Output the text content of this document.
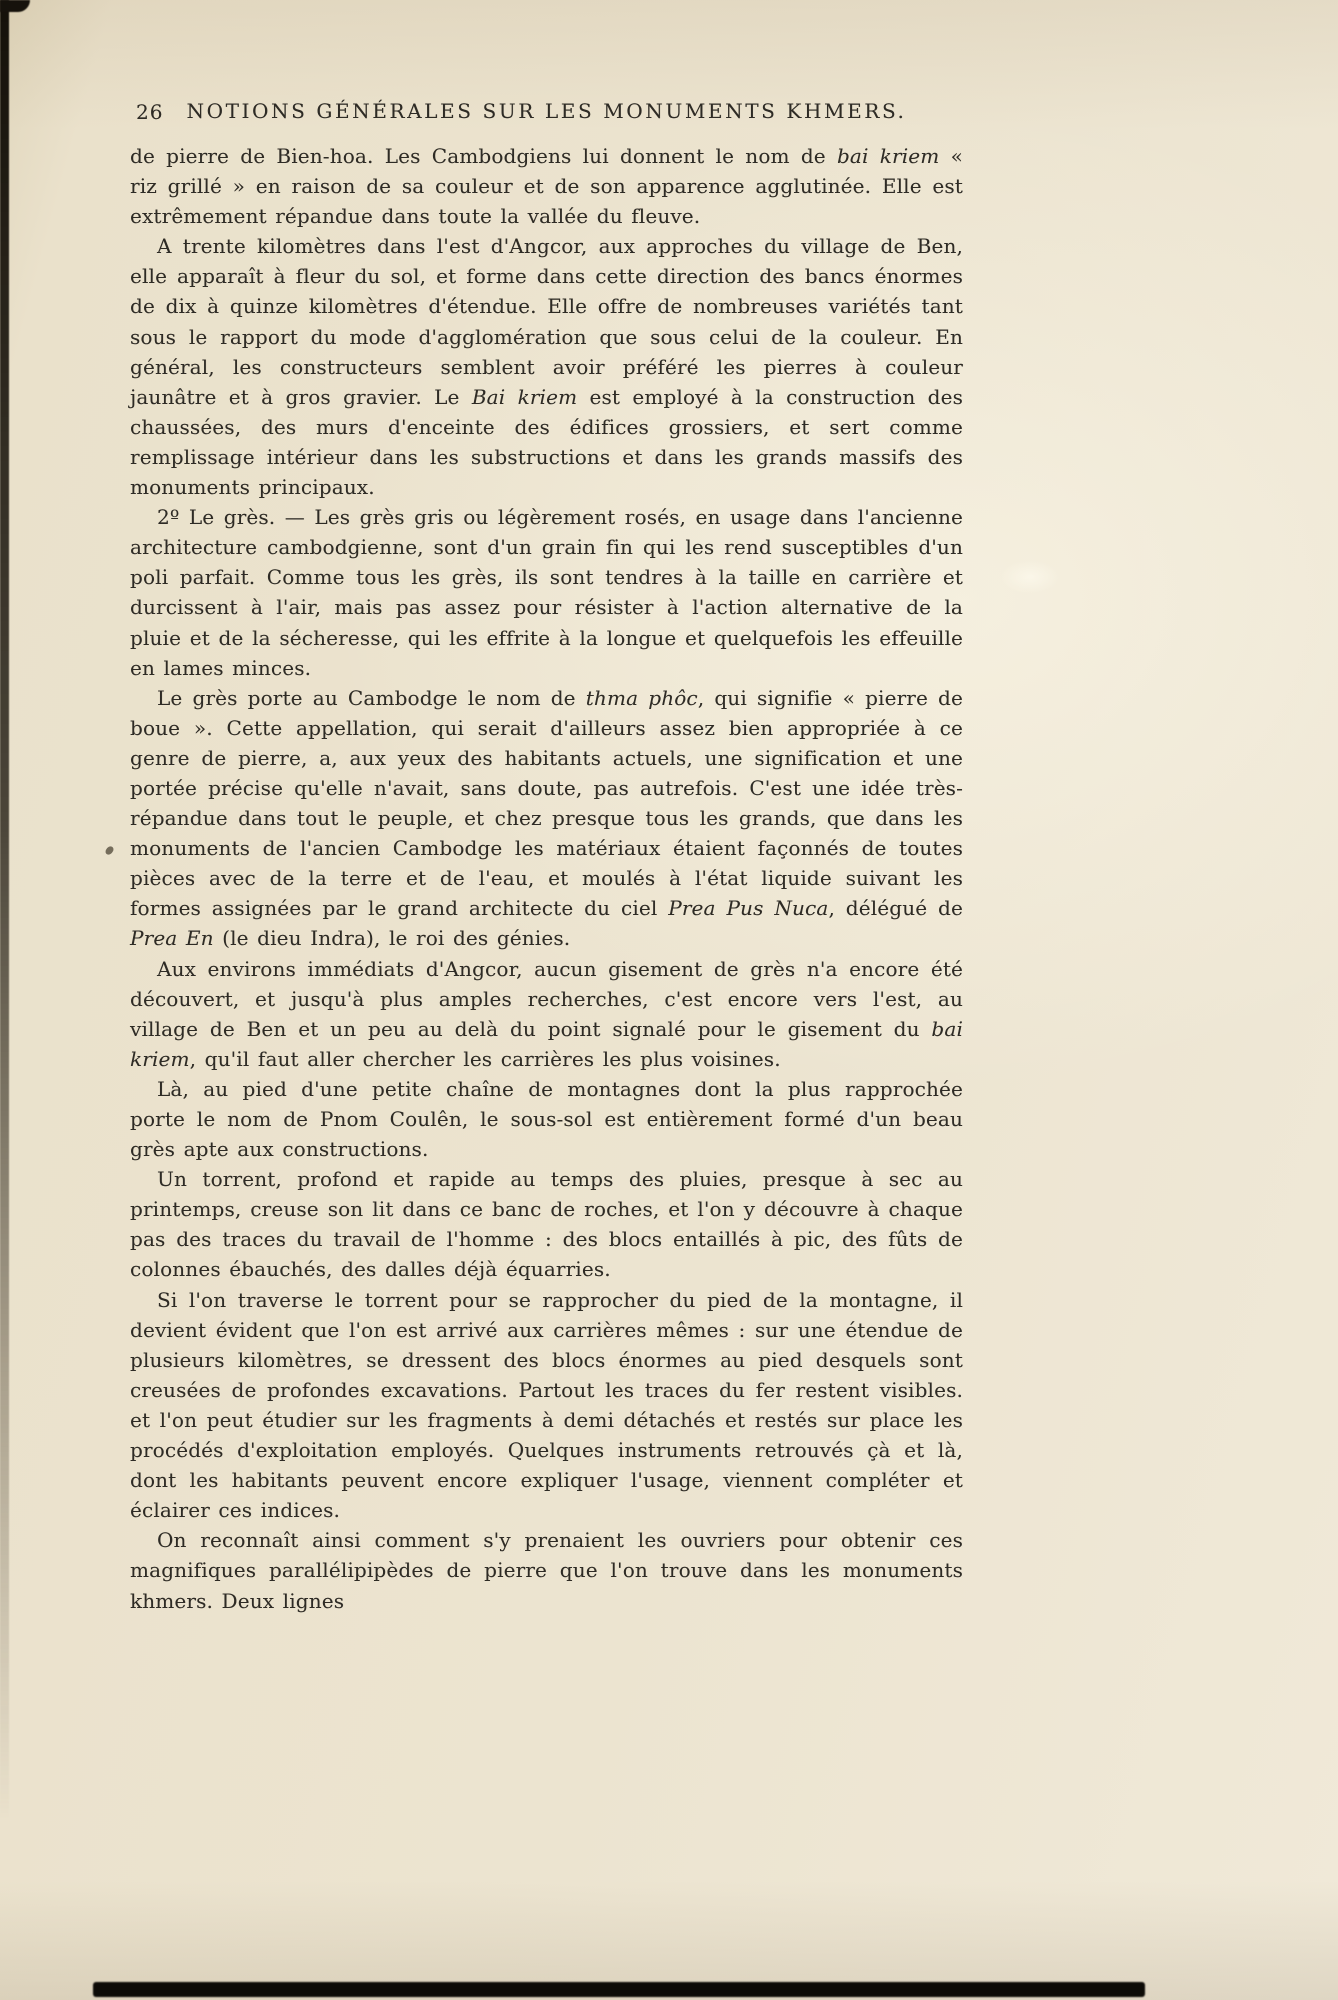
26 NOTIONS GÉNÉRALES SUR LES MONUMENTS KHMERS.

de pierre de Bien-hoa. Les Cambodgiens lui donnent le nom de bai kriem « riz grillé » en raison de sa couleur et de son apparence agglutinée. Elle est extrêmement répandue dans toute la vallée du fleuve.

A trente kilomètres dans l'est d'Angcor, aux approches du village de Ben, elle apparaît à fleur du sol, et forme dans cette direction des bancs énormes de dix à quinze kilomètres d'étendue. Elle offre de nombreuses variétés tant sous le rapport du mode d'agglomération que sous celui de la couleur. En général, les constructeurs semblent avoir préféré les pierres à couleur jaunâtre et à gros gravier. Le Bai kriem est employé à la construction des chaussées, des murs d'enceinte des édifices grossiers, et sert comme remplissage intérieur dans les substructions et dans les grands massifs des monuments principaux.

2º Le grès. — Les grès gris ou légèrement rosés, en usage dans l'ancienne architecture cambodgienne, sont d'un grain fin qui les rend susceptibles d'un poli parfait. Comme tous les grès, ils sont tendres à la taille en carrière et durcissent à l'air, mais pas assez pour résister à l'action alternative de la pluie et de la sécheresse, qui les effrite à la longue et quelquefois les effeuille en lames minces.

Le grès porte au Cambodge le nom de thma phôc, qui signifie « pierre de boue ». Cette appellation, qui serait d'ailleurs assez bien appropriée à ce genre de pierre, a, aux yeux des habitants actuels, une signification et une portée précise qu'elle n'avait, sans doute, pas autrefois. C'est une idée très-répandue dans tout le peuple, et chez presque tous les grands, que dans les monuments de l'ancien Cambodge les matériaux étaient façonnés de toutes pièces avec de la terre et de l'eau, et moulés à l'état liquide suivant les formes assignées par le grand architecte du ciel Prea Pus Nuca, délégué de Prea En (le dieu Indra), le roi des génies.

Aux environs immédiats d'Angcor, aucun gisement de grès n'a encore été découvert, et jusqu'à plus amples recherches, c'est encore vers l'est, au village de Ben et un peu au delà du point signalé pour le gisement du bai kriem, qu'il faut aller chercher les carrières les plus voisines.

Là, au pied d'une petite chaîne de montagnes dont la plus rapprochée porte le nom de Pnom Coulên, le sous-sol est entièrement formé d'un beau grès apte aux constructions.

Un torrent, profond et rapide au temps des pluies, presque à sec au printemps, creuse son lit dans ce banc de roches, et l'on y découvre à chaque pas des traces du travail de l'homme : des blocs entaillés à pic, des fûts de colonnes ébauchés, des dalles déjà équarries.

Si l'on traverse le torrent pour se rapprocher du pied de la montagne, il devient évident que l'on est arrivé aux carrières mêmes : sur une étendue de plusieurs kilomètres, se dressent des blocs énormes au pied desquels sont creusées de profondes excavations. Partout les traces du fer restent visibles. et l'on peut étudier sur les fragments à demi détachés et restés sur place les procédés d'exploitation employés. Quelques instruments retrouvés çà et là, dont les habitants peuvent encore expliquer l'usage, viennent compléter et éclairer ces indices.

On reconnaît ainsi comment s'y prenaient les ouvriers pour obtenir ces magnifiques parallélipipèdes de pierre que l'on trouve dans les monuments khmers. Deux lignes
